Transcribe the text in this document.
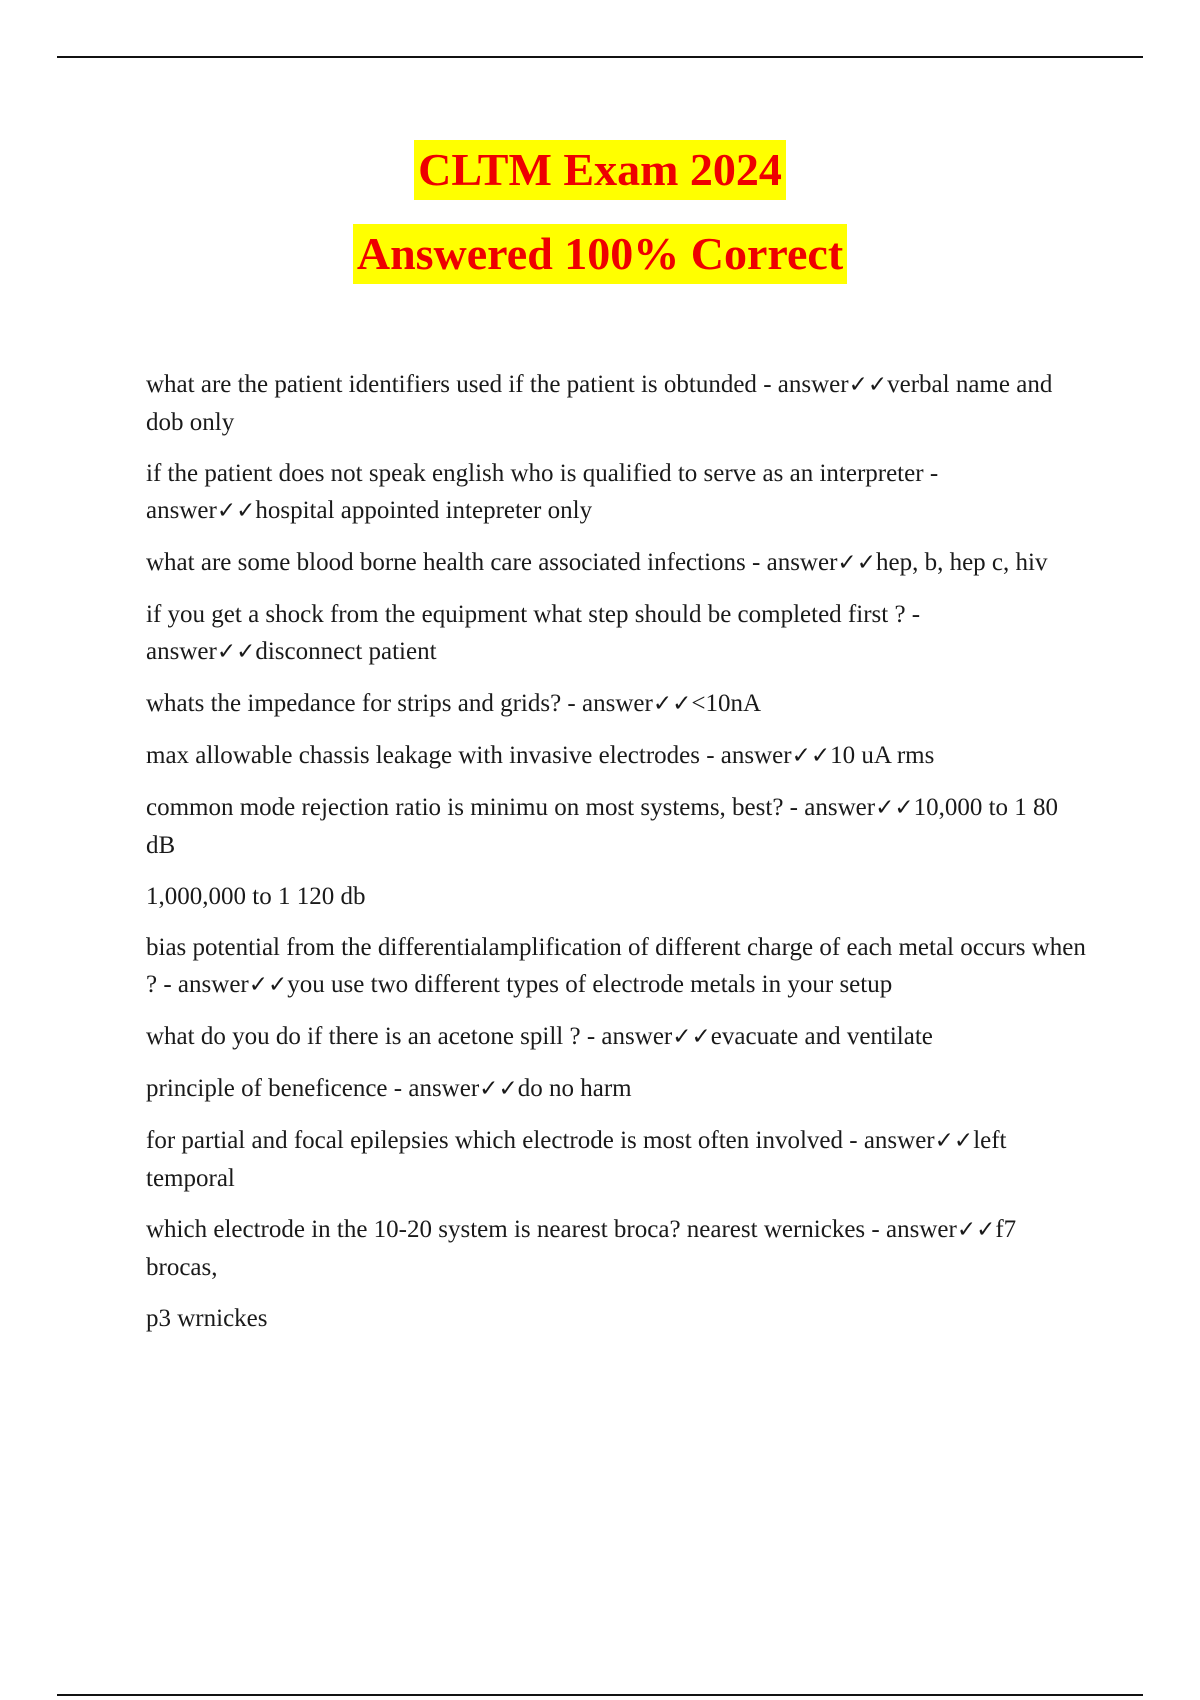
CLTM Exam 2024
Answered 100% Correct

what are the patient identifiers used if the patient is obtunded - answer✓✓verbal name and dob only

if the patient does not speak english who is qualified to serve as an interpreter - answer✓✓hospital appointed intepreter only

what are some blood borne health care associated infections - answer✓✓hep, b, hep c, hiv

if you get a shock from the equipment what step should be completed first ? - answer✓✓disconnect patient

whats the impedance for strips and grids? - answer✓✓<10nA

max allowable chassis leakage with invasive electrodes - answer✓✓10 uA rms

common mode rejection ratio is minimu on most systems, best? - answer✓✓10,000 to 1 80 dB

1,000,000 to 1 120 db

bias potential from the differentialamplification of different charge of each metal occurs when ? - answer✓✓you use two different types of electrode metals in your setup

what do you do if there is an acetone spill ? - answer✓✓evacuate and ventilate

principle of beneficence - answer✓✓do no harm

for partial and focal epilepsies which electrode is most often involved - answer✓✓left temporal

which electrode in the 10-20 system is nearest broca? nearest wernickes - answer✓✓f7 brocas,

p3 wrnickes
